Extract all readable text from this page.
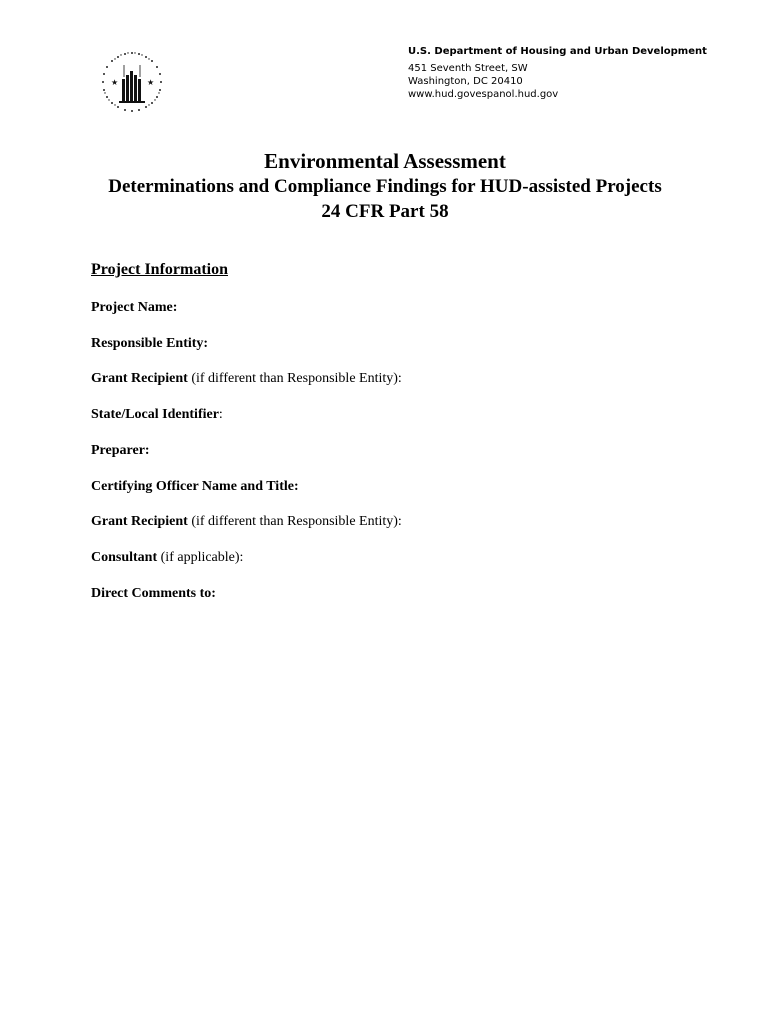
★	★
U.S. Department of Housing and Urban Development
451 Seventh Street, SW
Washington, DC 20410
www.hud.govespanol.hud.gov
Environmental Assessment
Determinations and Compliance Findings for HUD-assisted Projects
24 CFR Part 58
Project Information
Project Name:
Responsible Entity:
Grant Recipient (if different than Responsible Entity):
State/Local Identifier:
Preparer:
Certifying Officer Name and Title:
Grant Recipient (if different than Responsible Entity):
Consultant (if applicable):
Direct Comments to:
